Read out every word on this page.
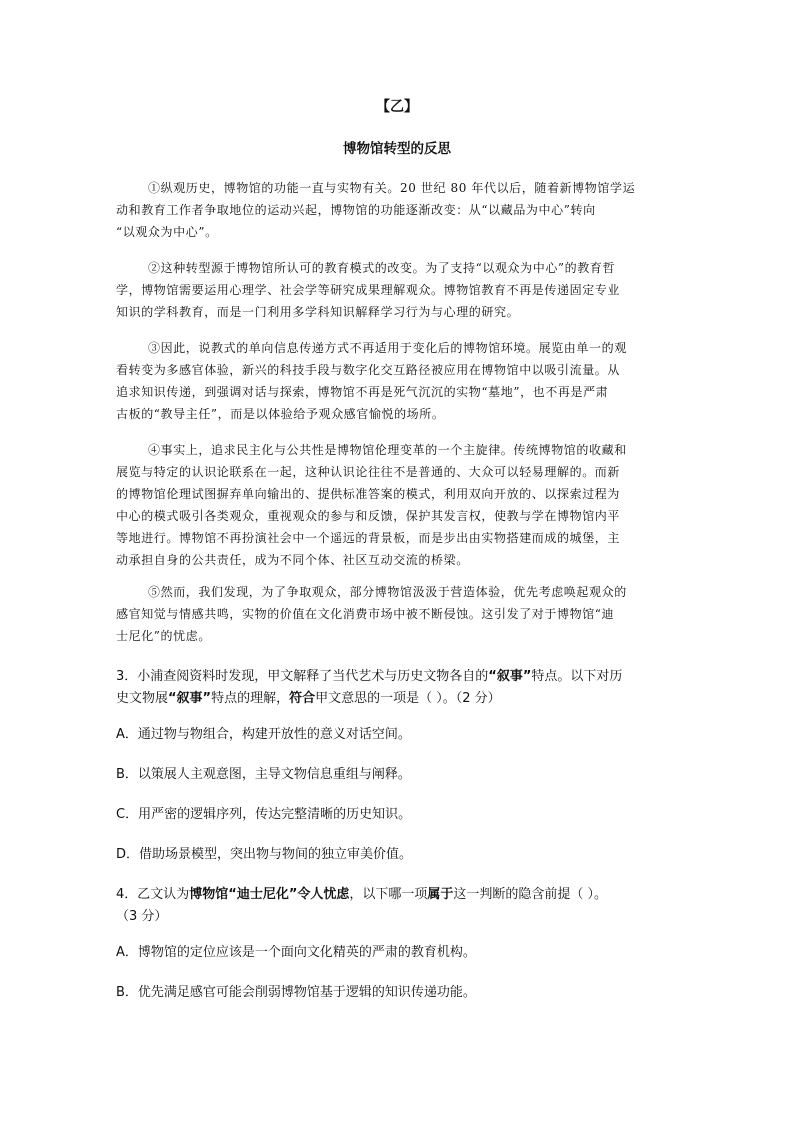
【乙】
博物馆转型的反思
①纵观历史，博物馆的功能一直与实物有关。20 世纪 80 年代以后，随着新博物馆学运
动和教育工作者争取地位的运动兴起，博物馆的功能逐渐改变：从“以藏品为中心”转向
“以观众为中心”。
②这种转型源于博物馆所认可的教育模式的改变。为了支持“以观众为中心”的教育哲
学，博物馆需要运用心理学、社会学等研究成果理解观众。博物馆教育不再是传递固定专业
知识的学科教育，而是一门利用多学科知识解释学习行为与心理的研究。
③因此，说教式的单向信息传递方式不再适用于变化后的博物馆环境。展览由单一的观
看转变为多感官体验，新兴的科技手段与数字化交互路径被应用在博物馆中以吸引流量。从
追求知识传递，到强调对话与探索，博物馆不再是死气沉沉的实物“墓地”，也不再是严肃
古板的“教导主任”，而是以体验给予观众感官愉悦的场所。
④事实上，追求民主化与公共性是博物馆伦理变革的一个主旋律。传统博物馆的收藏和
展览与特定的认识论联系在一起，这种认识论往往不是普通的、大众可以轻易理解的。而新
的博物馆伦理试图摒弃单向输出的、提供标准答案的模式，利用双向开放的、以探索过程为
中心的模式吸引各类观众，重视观众的参与和反馈，保护其发言权，使教与学在博物馆内平
等地进行。博物馆不再扮演社会中一个遥远的背景板，而是步出由实物搭建而成的城堡，主
动承担自身的公共责任，成为不同个体、社区互动交流的桥梁。
⑤然而，我们发现，为了争取观众，部分博物馆汲汲于营造体验，优先考虑唤起观众的
感官知觉与情感共鸣，实物的价值在文化消费市场中被不断侵蚀。这引发了对于博物馆“迪
士尼化”的忧虑。
3．小浦查阅资料时发现，甲文解释了当代艺术与历史文物各自的“叙事”特点。以下对历
史文物展“叙事”特点的理解，符合甲文意思的一项是（ ）。（2 分）
A．通过物与物组合，构建开放性的意义对话空间。
B．以策展人主观意图，主导文物信息重组与阐释。
C．用严密的逻辑序列，传达完整清晰的历史知识。
D．借助场景模型，突出物与物间的独立审美价值。
4．乙文认为博物馆“迪士尼化”令人忧虑，以下哪一项属于这一判断的隐含前提（ ）。
（3 分）
A．博物馆的定位应该是一个面向文化精英的严肃的教育机构。
B．优先满足感官可能会削弱博物馆基于逻辑的知识传递功能。
